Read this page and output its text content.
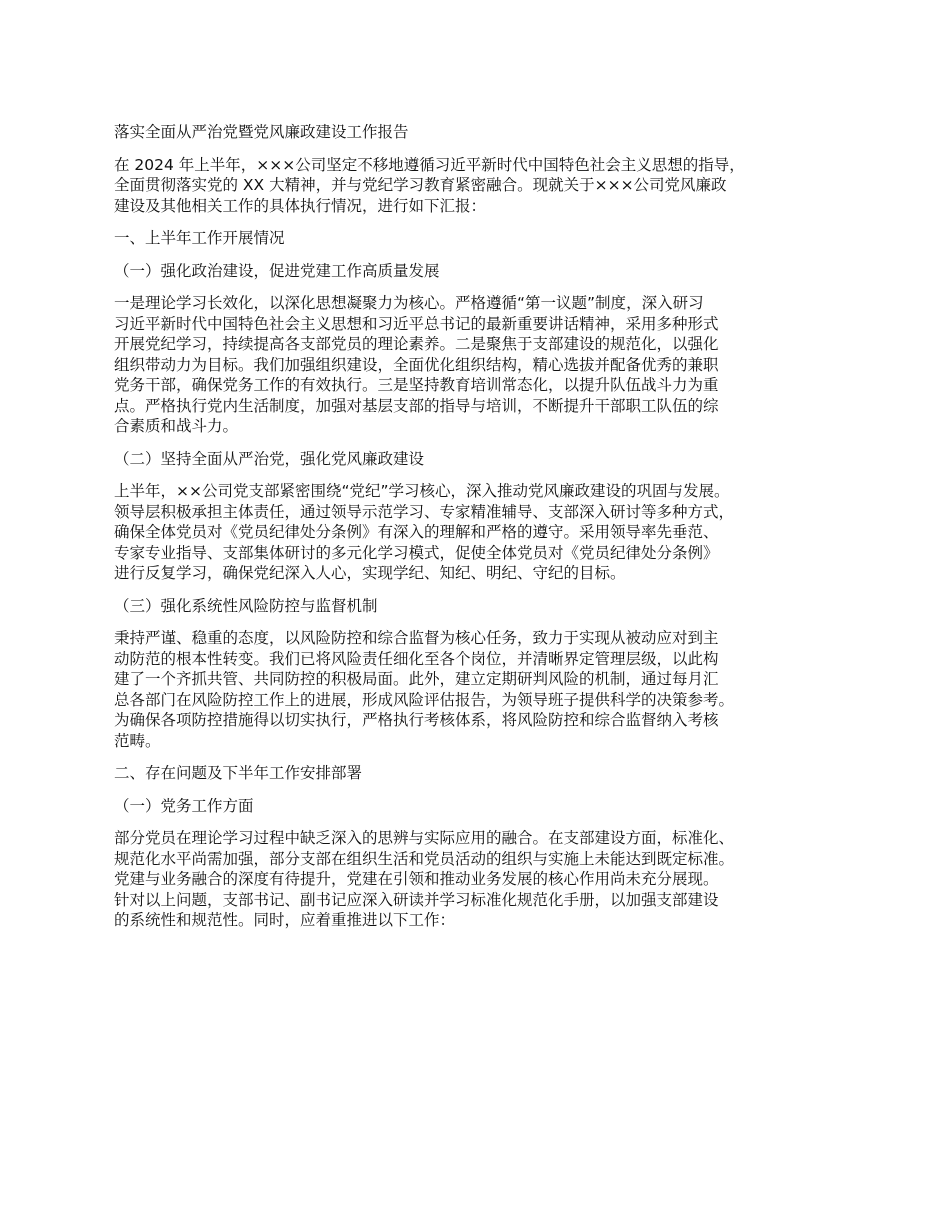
落实全面从严治党暨党风廉政建设工作报告
在 2024 年上半年，×××公司坚定不移地遵循习近平新时代中国特色社会主义思想的指导，
全面贯彻落实党的 XX 大精神，并与党纪学习教育紧密融合。现就关于×××公司党风廉政
建设及其他相关工作的具体执行情况，进行如下汇报：
一、上半年工作开展情况
（一）强化政治建设，促进党建工作高质量发展
一是理论学习长效化，以深化思想凝聚力为核心。严格遵循“第一议题”制度，深入研习
习近平新时代中国特色社会主义思想和习近平总书记的最新重要讲话精神，采用多种形式
开展党纪学习，持续提高各支部党员的理论素养。二是聚焦于支部建设的规范化，以强化
组织带动力为目标。我们加强组织建设，全面优化组织结构，精心选拔并配备优秀的兼职
党务干部，确保党务工作的有效执行。三是坚持教育培训常态化，以提升队伍战斗力为重
点。严格执行党内生活制度，加强对基层支部的指导与培训，不断提升干部职工队伍的综
合素质和战斗力。
（二）坚持全面从严治党，强化党风廉政建设
上半年，××公司党支部紧密围绕“党纪”学习核心，深入推动党风廉政建设的巩固与发展。
领导层积极承担主体责任，通过领导示范学习、专家精准辅导、支部深入研讨等多种方式，
确保全体党员对《党员纪律处分条例》有深入的理解和严格的遵守。采用领导率先垂范、
专家专业指导、支部集体研讨的多元化学习模式，促使全体党员对《党员纪律处分条例》
进行反复学习，确保党纪深入人心，实现学纪、知纪、明纪、守纪的目标。
（三）强化系统性风险防控与监督机制
秉持严谨、稳重的态度，以风险防控和综合监督为核心任务，致力于实现从被动应对到主
动防范的根本性转变。我们已将风险责任细化至各个岗位，并清晰界定管理层级，以此构
建了一个齐抓共管、共同防控的积极局面。此外，建立定期研判风险的机制，通过每月汇
总各部门在风险防控工作上的进展，形成风险评估报告，为领导班子提供科学的决策参考。
为确保各项防控措施得以切实执行，严格执行考核体系，将风险防控和综合监督纳入考核
范畴。
二、存在问题及下半年工作安排部署
（一）党务工作方面
部分党员在理论学习过程中缺乏深入的思辨与实际应用的融合。在支部建设方面，标准化、
规范化水平尚需加强，部分支部在组织生活和党员活动的组织与实施上未能达到既定标准。
党建与业务融合的深度有待提升，党建在引领和推动业务发展的核心作用尚未充分展现。
针对以上问题，支部书记、副书记应深入研读并学习标准化规范化手册，以加强支部建设
的系统性和规范性。同时，应着重推进以下工作：
